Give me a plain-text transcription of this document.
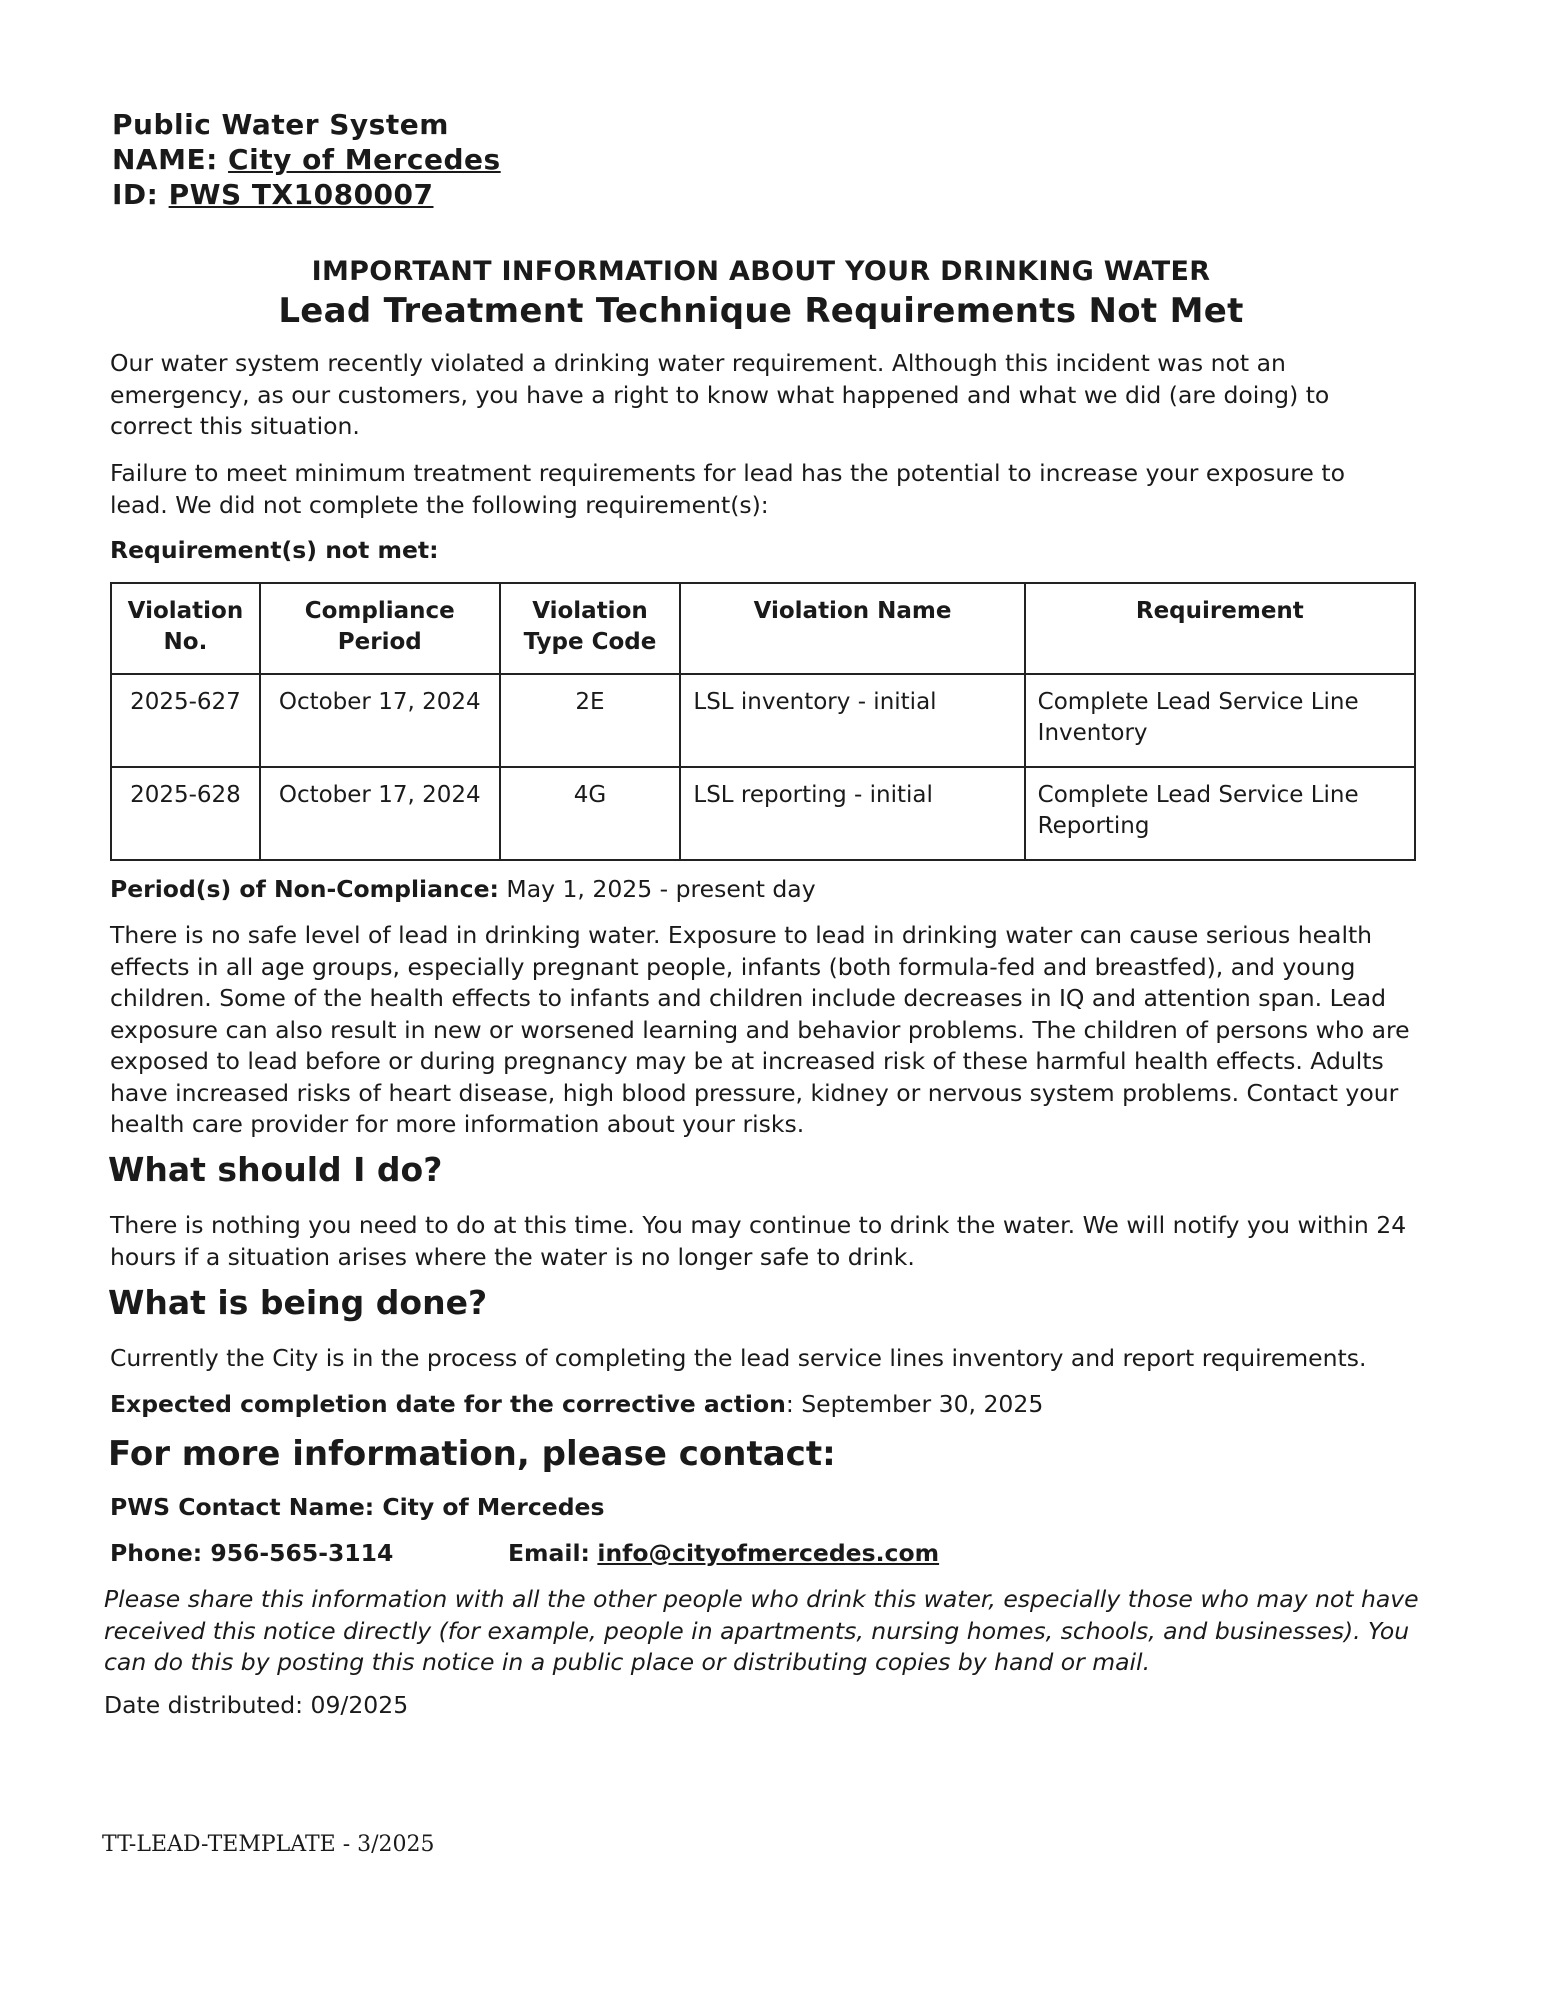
Public Water System
NAME: City of Mercedes
ID: PWS TX1080007
IMPORTANT INFORMATION ABOUT YOUR DRINKING WATER
Lead Treatment Technique Requirements Not Met
Our water system recently violated a drinking water requirement. Although this incident was not an emergency, as our customers, you have a right to know what happened and what we did (are doing) to correct this situation.
Failure to meet minimum treatment requirements for lead has the potential to increase your exposure to lead. We did not complete the following requirement(s):
Requirement(s) not met:
Violation No.	Compliance Period	Violation Type Code	Violation Name	Requirement
2025-627	October 17, 2024	2E	LSL inventory - initial	Complete Lead Service Line Inventory
2025-628	October 17, 2024	4G	LSL reporting - initial	Complete Lead Service Line Reporting
Period(s) of Non-Compliance: May 1, 2025 - present day
There is no safe level of lead in drinking water. Exposure to lead in drinking water can cause serious health effects in all age groups, especially pregnant people, infants (both formula-fed and breastfed), and young children. Some of the health effects to infants and children include decreases in IQ and attention span. Lead exposure can also result in new or worsened learning and behavior problems. The children of persons who are exposed to lead before or during pregnancy may be at increased risk of these harmful health effects. Adults have increased risks of heart disease, high blood pressure, kidney or nervous system problems. Contact your health care provider for more information about your risks.
What should I do?
There is nothing you need to do at this time. You may continue to drink the water. We will notify you within 24 hours if a situation arises where the water is no longer safe to drink.
What is being done?
Currently the City is in the process of completing the lead service lines inventory and report requirements.
Expected completion date for the corrective action: September 30, 2025
For more information, please contact:
PWS Contact Name: City of Mercedes
Phone: 956-565-3114	Email: info@cityofmercedes.com
Please share this information with all the other people who drink this water, especially those who may not have received this notice directly (for example, people in apartments, nursing homes, schools, and businesses). You can do this by posting this notice in a public place or distributing copies by hand or mail.
Date distributed: 09/2025
TT-LEAD-TEMPLATE - 3/2025
